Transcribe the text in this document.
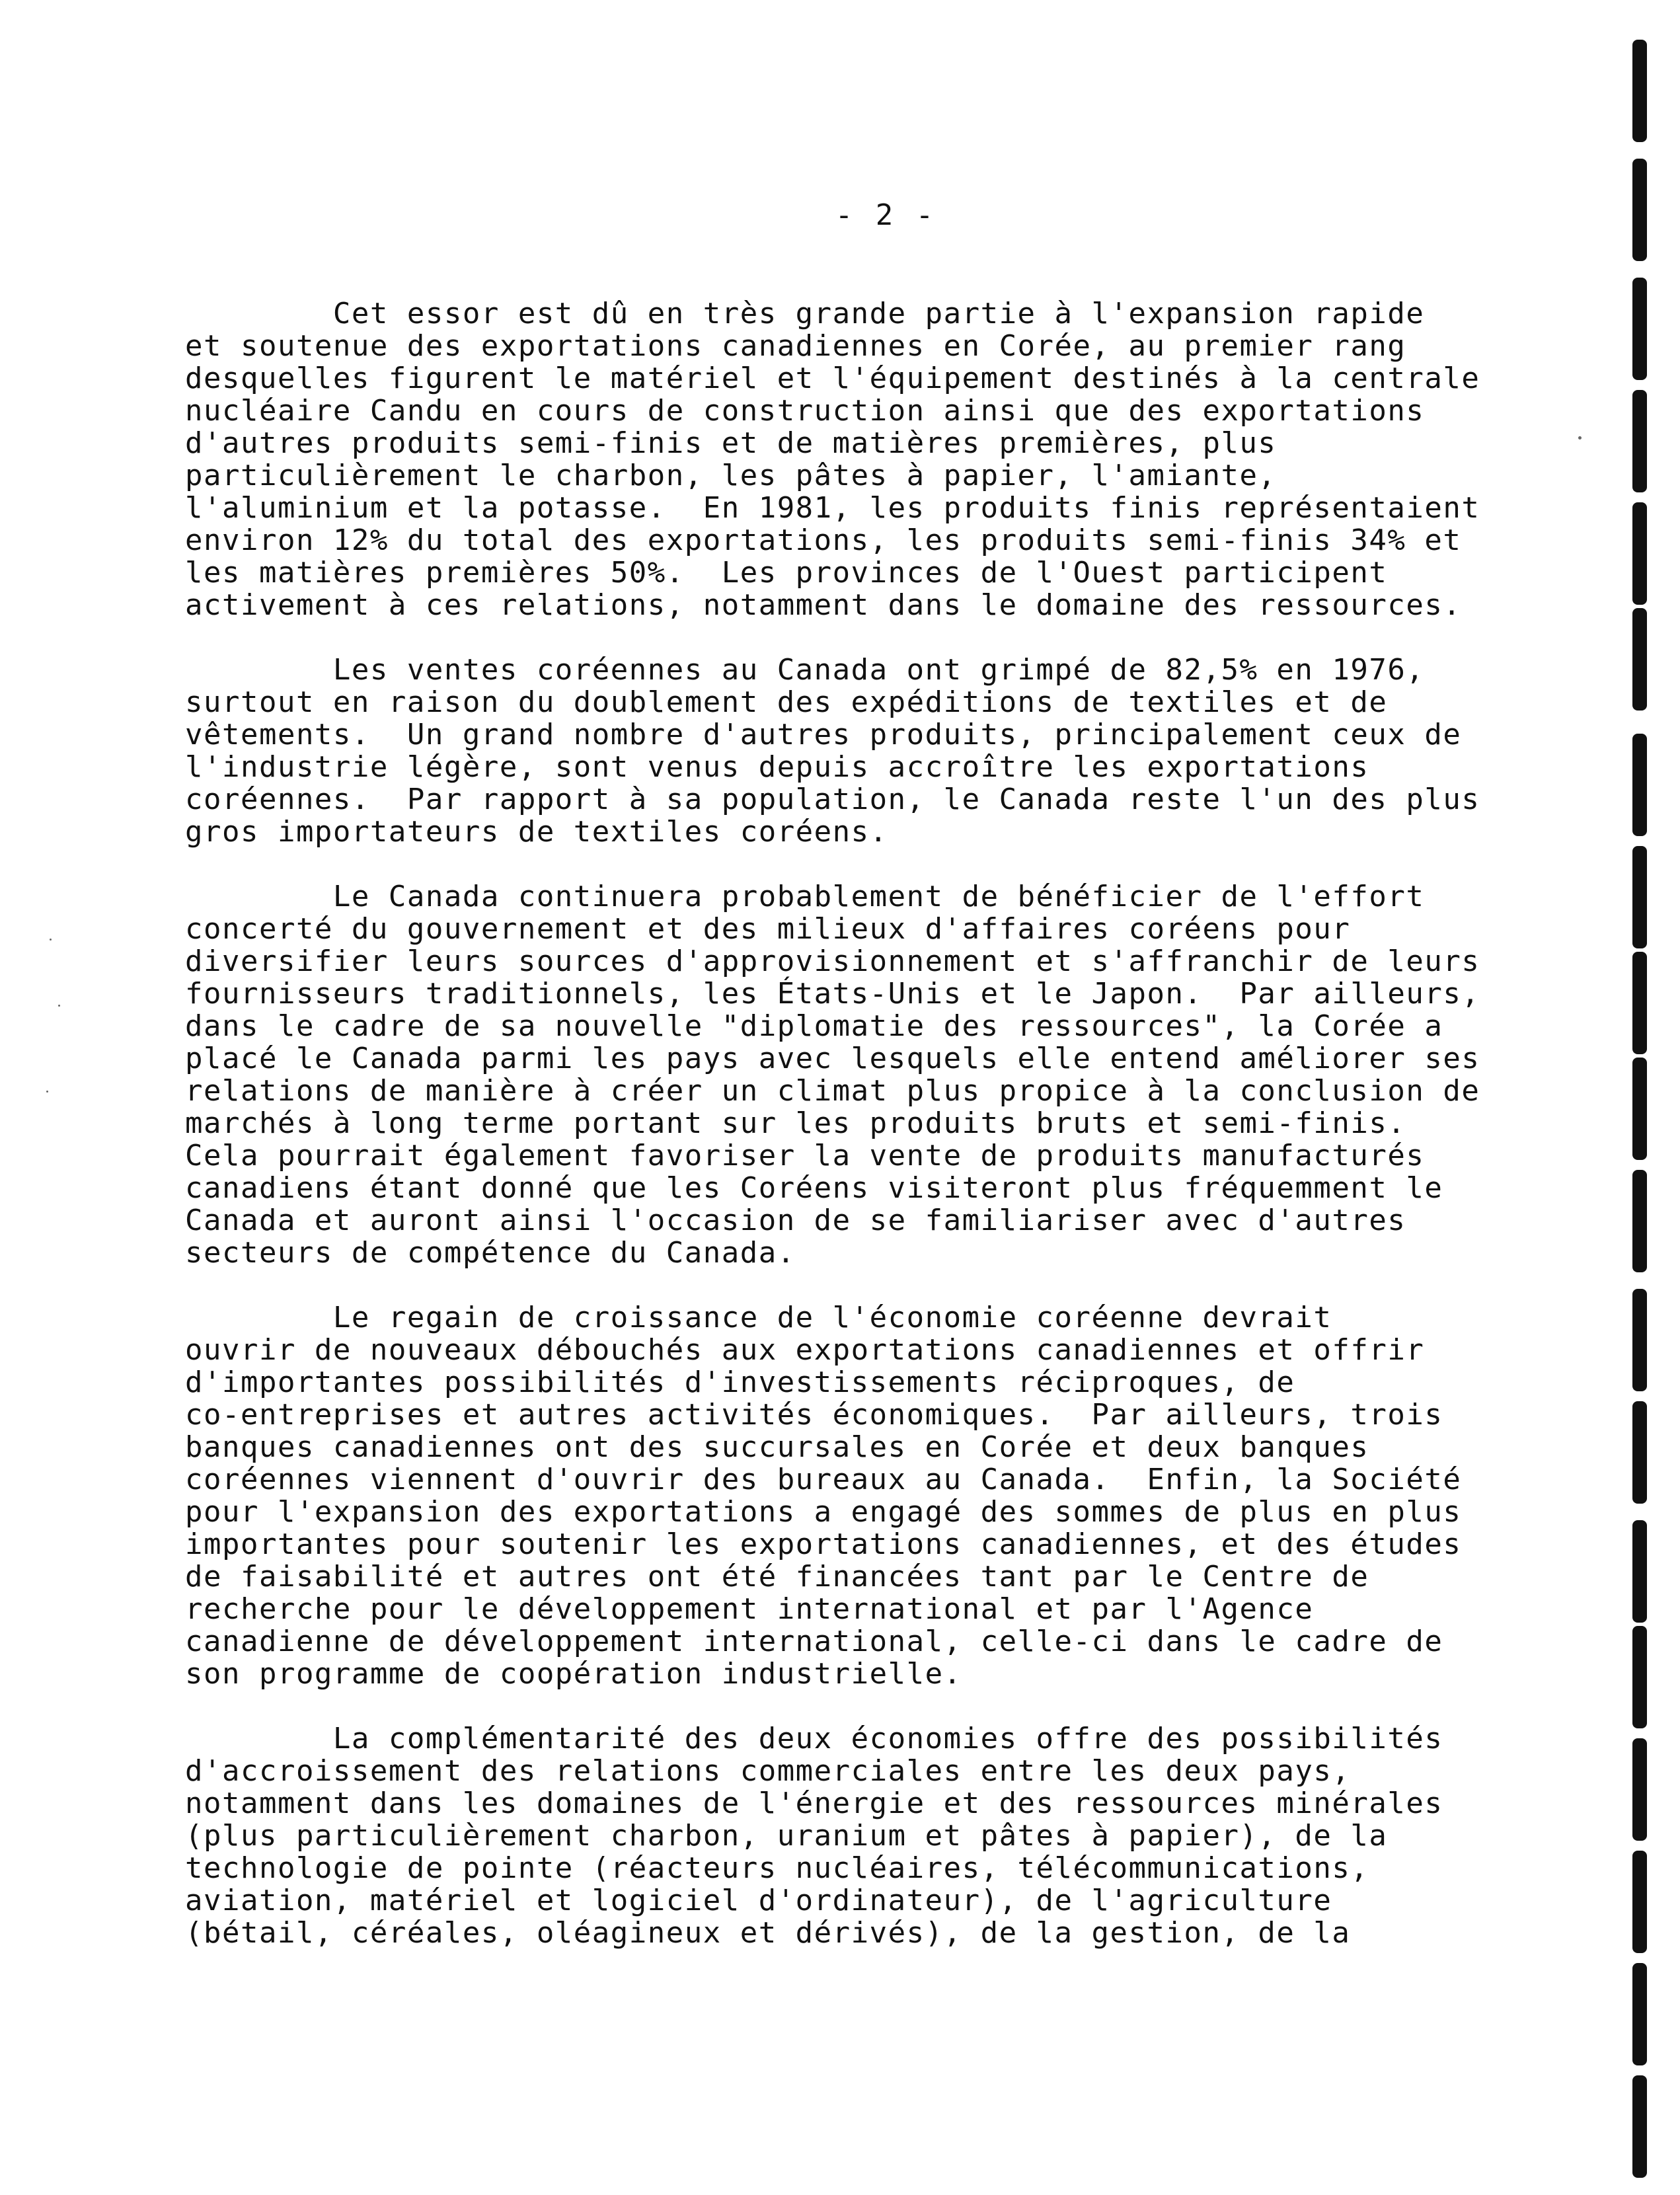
- 2 -

Cet essor est dû en très grande partie à l'expansion rapide
et soutenue des exportations canadiennes en Corée, au premier rang
desquelles figurent le matériel et l'équipement destinés à la centrale
nucléaire Candu en cours de construction ainsi que des exportations
d'autres produits semi-finis et de matières premières, plus
particulièrement le charbon, les pâtes à papier, l'amiante,
l'aluminium et la potasse.  En 1981, les produits finis représentaient
environ 12% du total des exportations, les produits semi-finis 34% et
les matières premières 50%.  Les provinces de l'Ouest participent
activement à ces relations, notamment dans le domaine des ressources.

Les ventes coréennes au Canada ont grimpé de 82,5% en 1976,
surtout en raison du doublement des expéditions de textiles et de
vêtements.  Un grand nombre d'autres produits, principalement ceux de
l'industrie légère, sont venus depuis accroître les exportations
coréennes.  Par rapport à sa population, le Canada reste l'un des plus
gros importateurs de textiles coréens.

Le Canada continuera probablement de bénéficier de l'effort
concerté du gouvernement et des milieux d'affaires coréens pour
diversifier leurs sources d'approvisionnement et s'affranchir de leurs
fournisseurs traditionnels, les États-Unis et le Japon.  Par ailleurs,
dans le cadre de sa nouvelle "diplomatie des ressources", la Corée a
placé le Canada parmi les pays avec lesquels elle entend améliorer ses
relations de manière à créer un climat plus propice à la conclusion de
marchés à long terme portant sur les produits bruts et semi-finis.
Cela pourrait également favoriser la vente de produits manufacturés
canadiens étant donné que les Coréens visiteront plus fréquemment le
Canada et auront ainsi l'occasion de se familiariser avec d'autres
secteurs de compétence du Canada.

Le regain de croissance de l'économie coréenne devrait
ouvrir de nouveaux débouchés aux exportations canadiennes et offrir
d'importantes possibilités d'investissements réciproques, de
co-entreprises et autres activités économiques.  Par ailleurs, trois
banques canadiennes ont des succursales en Corée et deux banques
coréennes viennent d'ouvrir des bureaux au Canada.  Enfin, la Société
pour l'expansion des exportations a engagé des sommes de plus en plus
importantes pour soutenir les exportations canadiennes, et des études
de faisabilité et autres ont été financées tant par le Centre de
recherche pour le développement international et par l'Agence
canadienne de développement international, celle-ci dans le cadre de
son programme de coopération industrielle.

La complémentarité des deux économies offre des possibilités
d'accroissement des relations commerciales entre les deux pays,
notamment dans les domaines de l'énergie et des ressources minérales
(plus particulièrement charbon, uranium et pâtes à papier), de la
technologie de pointe (réacteurs nucléaires, télécommunications,
aviation, matériel et logiciel d'ordinateur), de l'agriculture
(bétail, céréales, oléagineux et dérivés), de la gestion, de la
